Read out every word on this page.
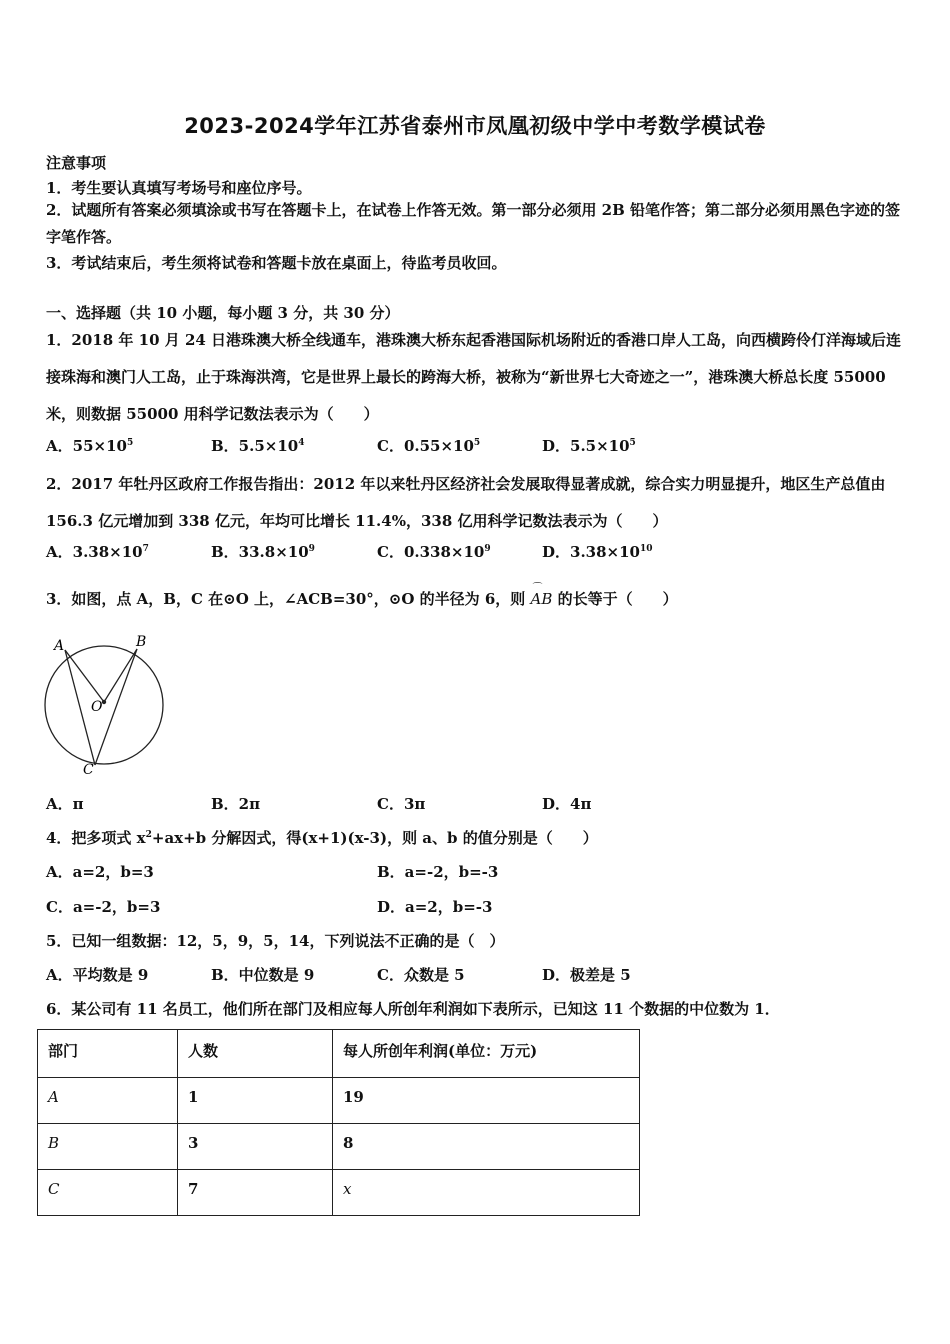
2023-2024学年江苏省泰州市凤凰初级中学中考数学模试卷
注意事项
1．考生要认真填写考场号和座位序号。
2．试题所有答案必须填涂或书写在答题卡上，在试卷上作答无效。第一部分必须用 2B 铅笔作答；第二部分必须用黑色字迹的签字笔作答。
3．考试结束后，考生须将试卷和答题卡放在桌面上，待监考员收回。
一、选择题（共 10 小题，每小题 3 分，共 30 分）
1．2018 年 10 月 24 日港珠澳大桥全线通车，港珠澳大桥东起香港国际机场附近的香港口岸人工岛，向西横跨伶仃洋海域后连接珠海和澳门人工岛，止于珠海洪湾，它是世界上最长的跨海大桥，被称为“新世界七大奇迹之一”，港珠澳大桥总长度 55000 米，则数据 55000 用科学记数法表示为（　　）
A．$55\times 10^5$	B．$5.5\times 10^4$	C．$0.55\times 10^5$	D．$5.5\times 10^5$
2．2017 年牡丹区政府工作报告指出：2012 年以来牡丹区经济社会发展取得显著成就，综合实力明显提升，地区生产总值由 156.3 亿元增加到 338 亿元，年均可比增长 11.4%，338 亿用科学记数法表示为（　　）
A．$3.38\times 10^7$	B．$33.8\times 10^9$	C．$0.338\times 10^9$	D．$3.38\times 10^{10}$
3．如图，点 A，B，C 在⊙O 上，∠ACB=30°，⊙O 的半径为 6，则 ⌒ AB 的长等于（　　）
A	B
O
C
A．π	B．2π	C．3π	D．4π
4．把多项式 $x^2+ax+b$ 分解因式，得(x+1)(x-3)，则 a、b 的值分别是（　　）
A．a=2，b=3	B．a=-2，b=-3
C．a=-2，b=3	D．a=2，b=-3
5．已知一组数据：12，5，9，5，14，下列说法不正确的是（　）
A．平均数是 9	B．中位数是 9	C．众数是 5	D．极差是 5
6．某公司有 11 名员工，他们所在部门及相应每人所创年利润如下表所示，已知这 11 个数据的中位数为 1．
部门	人数	每人所创年利润(单位：万元)
A	1	19
B	3	8
C	7	x
